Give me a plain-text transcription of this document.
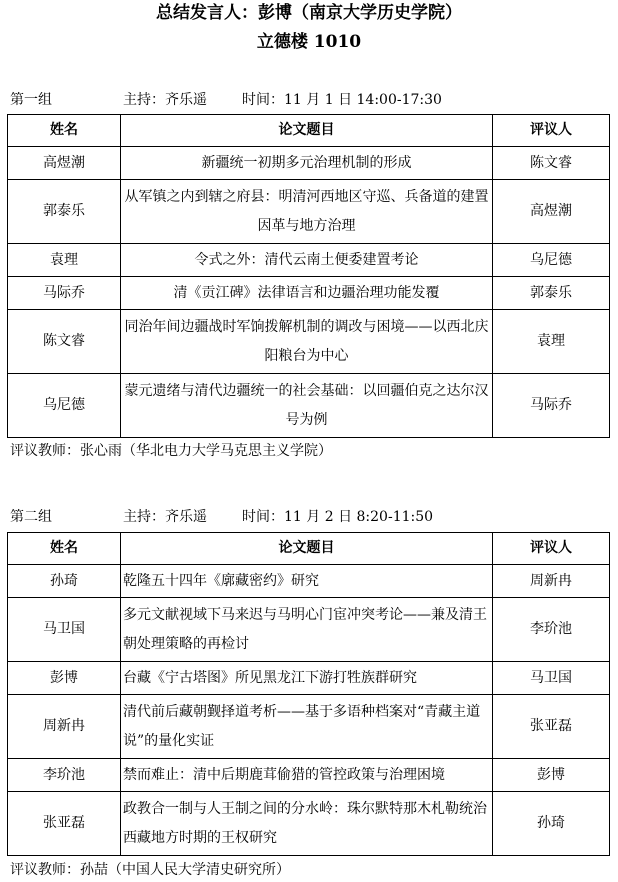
总结发言人：彭博（南京大学历史学院）
立德楼 1010
第一组	主持：齐乐遥	时间：11 月 1 日 14:00-17:30
姓名	论文题目	评议人
高煜潮	新疆统一初期多元治理机制的形成	陈文睿
郭泰乐	从军镇之内到辖之府县：明清河西地区守巡、兵备道的建置因革与地方治理	高煜潮
袁理	令式之外：清代云南土便委建置考论	乌尼德
马际乔	清《贡江碑》法律语言和边疆治理功能发覆	郭泰乐
陈文睿	同治年间边疆战时军饷拨解机制的调改与困境——以西北庆阳粮台为中心	袁理
乌尼德	蒙元遗绪与清代边疆统一的社会基础：以回疆伯克之达尔汉号为例	马际乔
评议教师：张心雨（华北电力大学马克思主义学院）
第二组	主持：齐乐遥	时间：11 月 2 日 8:20-11:50
姓名	论文题目	评议人
孙琦	乾隆五十四年《廓藏密约》研究	周新冉
马卫国	多元文献视域下马来迟与马明心门宦冲突考论——兼及清王朝处理策略的再检讨	李玠池
彭博	台藏《宁古塔图》所见黑龙江下游打牲族群研究	马卫国
周新冉	清代前后藏朝觐择道考析——基于多语种档案对“青藏主道说”的量化实证	张亚磊
李玠池	禁而难止：清中后期鹿茸偷猎的管控政策与治理困境	彭博
张亚磊	政教合一制与人王制之间的分水岭：珠尔默特那木札勒统治西藏地方时期的王权研究	孙琦
评议教师：孙喆（中国人民大学清史研究所）
